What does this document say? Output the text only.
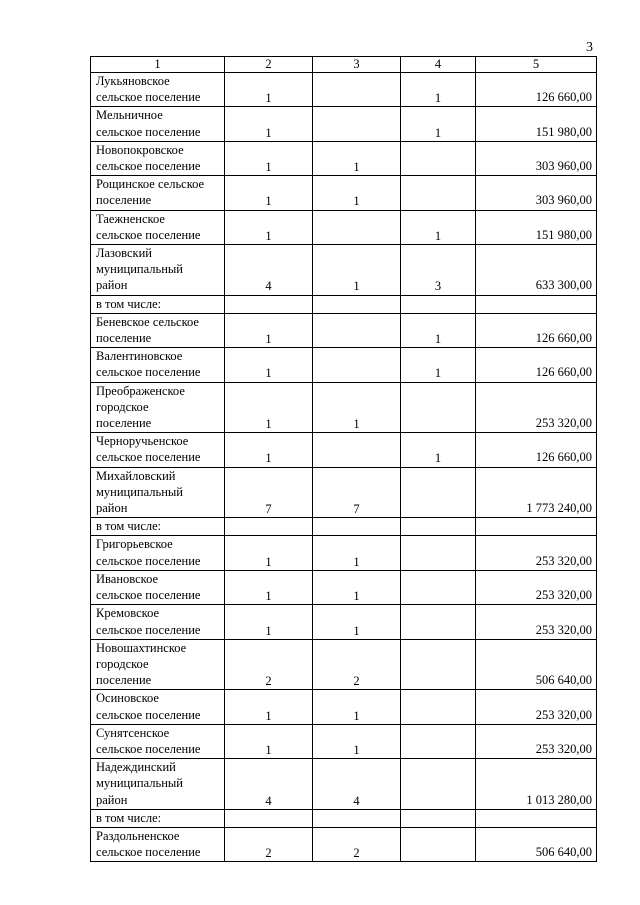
3
1	2	3	4	5

Лукьяновское
сельское поселение	1		1	126 660,00

Мельничное
сельское поселение	1		1	151 980,00

Новопокровское
сельское поселение	1	1		303 960,00

Рощинское сельское
поселение	1	1		303 960,00

Таежненское
сельское поселение	1		1	151 980,00

Лазовский
муниципальный
район	4	1	3	633 300,00

в том числе:				

Беневское сельское
поселение	1		1	126 660,00

Валентиновское
сельское поселение	1		1	126 660,00

Преображенское
городское
поселение	1	1		253 320,00

Черноручьенское
сельское поселение	1		1	126 660,00

Михайловский
муниципальный
район	7	7		1 773 240,00

в том числе:				

Григорьевское
сельское поселение	1	1		253 320,00

Ивановское
сельское поселение	1	1		253 320,00

Кремовское
сельское поселение	1	1		253 320,00

Новошахтинское
городское
поселение	2	2		506 640,00

Осиновское
сельское поселение	1	1		253 320,00

Сунятсенское
сельское поселение	1	1		253 320,00

Надеждинский
муниципальный
район	4	4		1 013 280,00

в том числе:				

Раздольненское
сельское поселение	2	2		506 640,00
